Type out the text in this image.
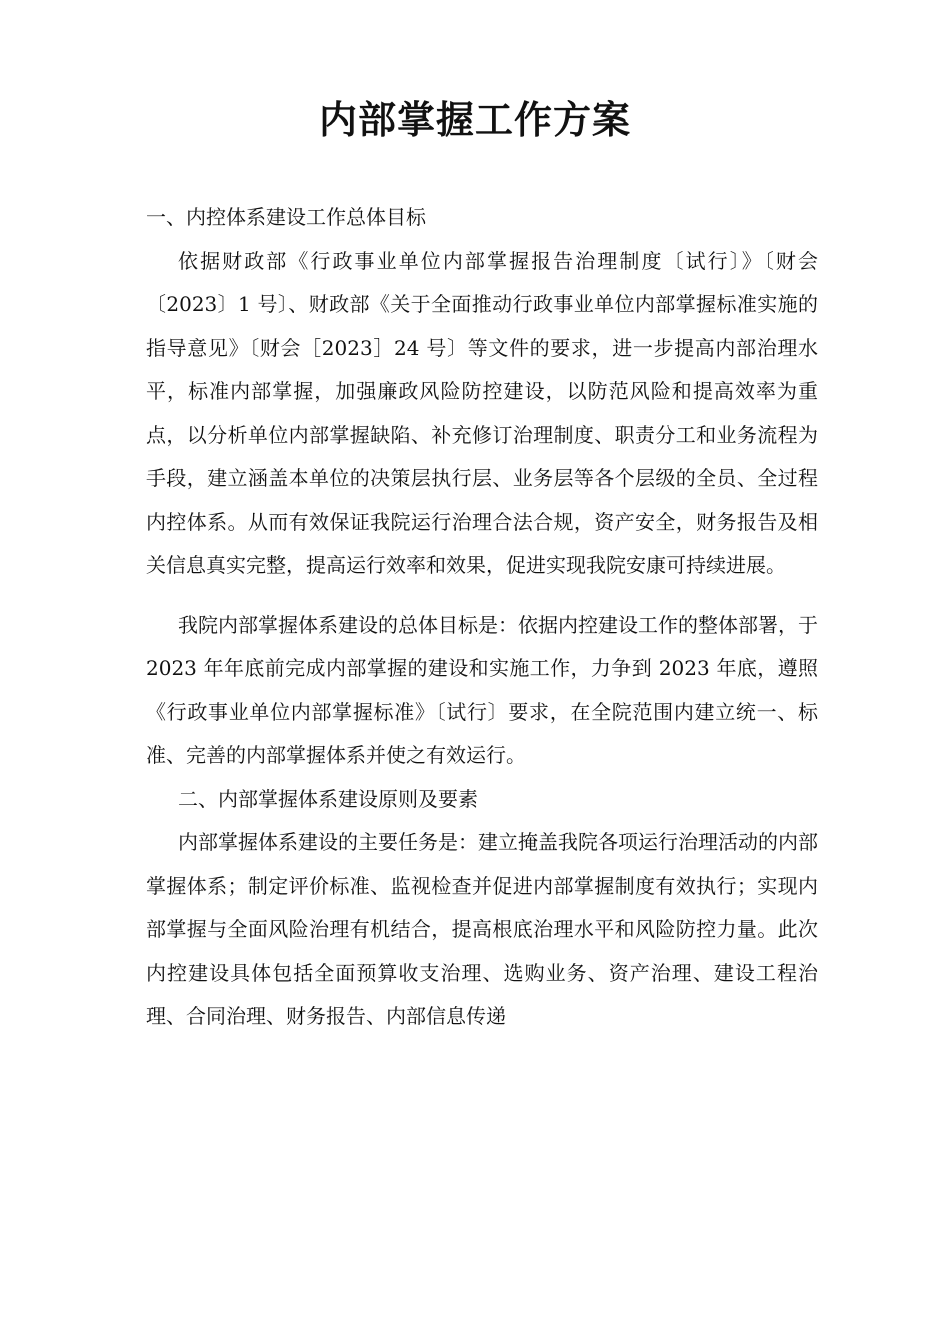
内部掌握工作方案

一、内控体系建设工作总体目标

依据财政部《行政事业单位内部掌握报告治理制度〔试行〕》〔财会〔2023〕1 号〕、财政部《关于全面推动行政事业单位内部掌握标准实施的指导意见》〔财会［2023］24 号〕等文件的要求，进一步提高内部治理水平，标准内部掌握，加强廉政风险防控建设，以防范风险和提高效率为重点，以分析单位内部掌握缺陷、补充修订治理制度、职责分工和业务流程为手段，建立涵盖本单位的决策层执行层、业务层等各个层级的全员、全过程内控体系。从而有效保证我院运行治理合法合规，资产安全，财务报告及相关信息真实完整，提高运行效率和效果，促进实现我院安康可持续进展。

我院内部掌握体系建设的总体目标是：依据内控建设工作的整体部署，于 2023 年年底前完成内部掌握的建设和实施工作，力争到 2023 年底，遵照《行政事业单位内部掌握标准》〔试行〕要求，在全院范围内建立统一、标准、完善的内部掌握体系并使之有效运行。

二、内部掌握体系建设原则及要素

内部掌握体系建设的主要任务是：建立掩盖我院各项运行治理活动的内部掌握体系；制定评价标准、监视检查并促进内部掌握制度有效执行；实现内部掌握与全面风险治理有机结合，提高根底治理水平和风险防控力量。此次内控建设具体包括全面预算收支治理、选购业务、资产治理、建设工程治理、合同治理、财务报告、内部信息传递
